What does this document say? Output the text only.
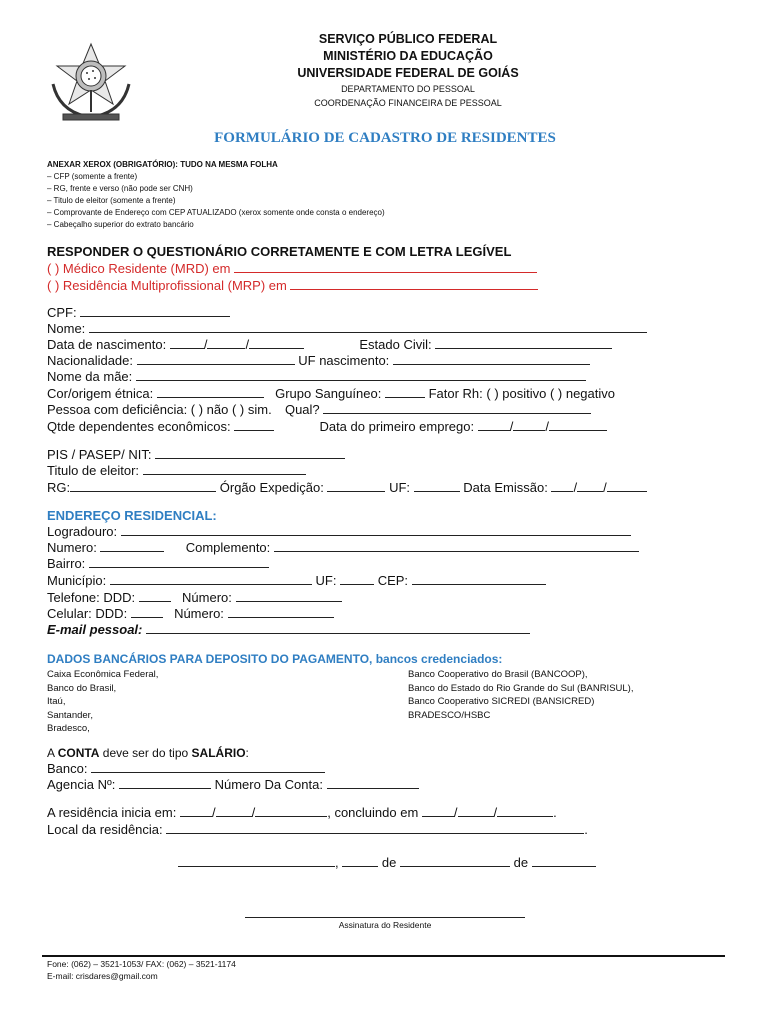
SERVIÇO PÚBLICO FEDERAL
MINISTÉRIO DA EDUCAÇÃO
UNIVERSIDADE FEDERAL DE GOIÁS
DEPARTAMENTO DO PESSOAL
COORDENAÇÃO FINANCEIRA DE PESSOAL
FORMULÁRIO DE CADASTRO DE RESIDENTES
ANEXAR XEROX (OBRIGATÓRIO): TUDO NA MESMA FOLHA
– CFP (somente a frente)
– RG, frente e verso (não pode ser CNH)
– Titulo de eleitor (somente a frente)
– Comprovante de Endereço com CEP ATUALIZADO (xerox somente onde consta o endereço)
– Cabeçalho superior do extrato bancário
RESPONDER O QUESTIONÁRIO CORRETAMENTE E COM LETRA LEGÍVEL
( ) Médico Residente (MRD) em
( ) Residência Multiprofissional (MRP) em
CPF:
Nome:
Data de nascimento:	/	/	Estado Civil:
Nacionalidade:	UF nascimento:
Nome da mãe:
Cor/origem étnica:	Grupo Sanguíneo:	Fator Rh: ( ) positivo ( ) negativo
Pessoa com deficiência: ( ) não ( ) sim. Qual?
Qtde dependentes econômicos:	Data do primeiro emprego:	/ /
PIS / PASEP/ NIT:
Titulo de eleitor:
RG:	Órgão Expedição:	UF:	Data Emissão: / /
ENDEREÇO RESIDENCIAL:
Logradouro:
Numero:	Complemento:
Bairro:
Município:	UF:	CEP:
Telefone: DDD:	Número:
Celular: DDD:	Número:
E-mail pessoal:
DADOS BANCÁRIOS PARA DEPOSITO DO PAGAMENTO, bancos credenciados:
Caixa Econômica Federal,
Banco do Brasil,
Itaú,
Santander,
Bradesco,
Banco Cooperativo do Brasil (BANCOOP),
Banco do Estado do Rio Grande do Sul (BANRISUL),
Banco Cooperativo SICREDI (BANSICRED)
BRADESCO/HSBC
A CONTA deve ser do tipo SALÁRIO:
Banco:
Agencia Nº:	Número Da Conta:
A residência inicia em:	/	/	, concluindo em	/	/	.
Local da residência:	.
,	de	de
Assinatura do Residente
Fone: (062) – 3521-1053/ FAX: (062) – 3521-1174
E-mail: crisdares@gmail.com
